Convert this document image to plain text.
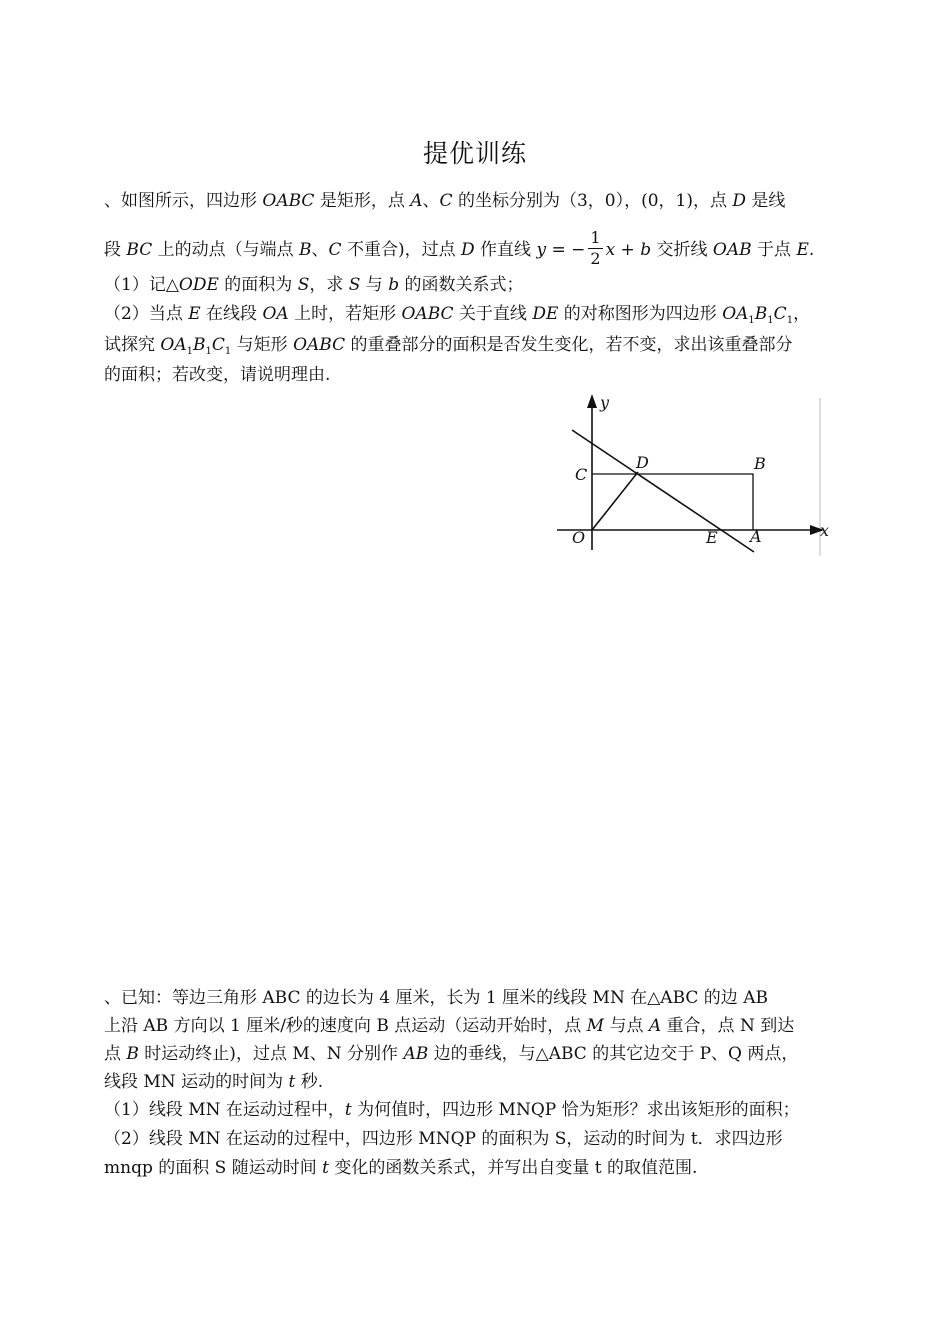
提优训练
、如图所示，四边形 OABC 是矩形，点 A、C 的坐标分别为（3，0），(0，1)，点 D 是线
段 BC 上的动点（与端点 B、C 不重合)，过点 D 作直线 y = − $\frac{1}{2}$ x + b 交折线 OAB 于点 E.
（1）记△ODE 的面积为 S，求 S 与 b 的函数关系式；
（2）当点 E 在线段 OA 上时，若矩形 OABC 关于直线 DE 的对称图形为四边形 $OA_1B_1C_1$，
试探究 $OA_1B_1C_1$ 与矩形 OABC 的重叠部分的面积是否发生变化，若不变，求出该重叠部分
的面积；若改变，请说明理由.
y
x
O	A
B
C
D
E
、已知：等边三角形 ABC 的边长为 4 厘米，长为 1 厘米的线段 MN 在△ABC 的边 AB
上沿 AB 方向以 1 厘米/秒的速度向 B 点运动（运动开始时，点 M 与点 A 重合，点 N 到达
点 B 时运动终止)，过点 M、N 分别作 AB 边的垂线，与△ABC 的其它边交于 P、Q 两点，
线段 MN 运动的时间为 t 秒.
（1）线段 MN 在运动过程中，t 为何值时，四边形 MNQP 恰为矩形？求出该矩形的面积；
（2）线段 MN 在运动的过程中，四边形 MNQP 的面积为 S，运动的时间为 t．求四边形
mnqp 的面积 S 随运动时间 t 变化的函数关系式，并写出自变量 t 的取值范围.
